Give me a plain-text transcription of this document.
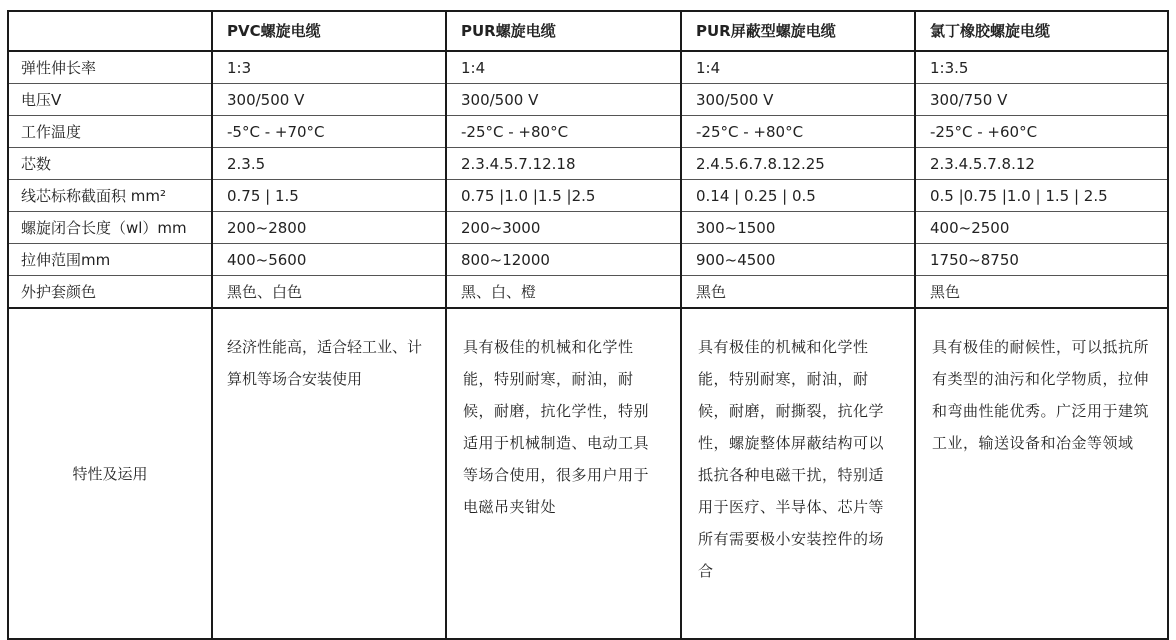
	PVC螺旋电缆	PUR螺旋电缆	PUR屏蔽型螺旋电缆	氯丁橡胶螺旋电缆
弹性伸长率	1:3	1:4	1:4	1:3.5
电压V	300/500 V	300/500 V	300/500 V	300/750 V
工作温度	-5°C - +70°C	-25°C - +80°C	-25°C - +80°C	-25°C - +60°C
芯数	2.3.5	2.3.4.5.7.12.18	2.4.5.6.7.8.12.25	2.3.4.5.7.8.12
线芯标称截面积 mm²	0.75 | 1.5	0.75 |1.0 |1.5 |2.5	0.14 | 0.25 | 0.5	0.5 |0.75 |1.0 | 1.5 | 2.5
螺旋闭合长度（wl）mm	200~2800	200~3000	300~1500	400~2500
拉伸范围mm	400~5600	800~12000	900~4500	1750~8750
外护套颜色	黑色、白色	黑、白、橙	黑色	黑色
特性及运用	经济性能高，适合轻工业、计算机等场合安装使用	具有极佳的机械和化学性能，特别耐寒，耐油，耐候，耐磨，抗化学性，特别适用于机械制造、电动工具等场合使用，很多用户用于电磁吊夹钳处	具有极佳的机械和化学性能，特别耐寒，耐油，耐候，耐磨，耐撕裂，抗化学性，螺旋整体屏蔽结构可以抵抗各种电磁干扰，特别适用于医疗、半导体、芯片等所有需要极小安装控件的场合	具有极佳的耐候性，可以抵抗所有类型的油污和化学物质，拉伸和弯曲性能优秀。广泛用于建筑工业，输送设备和冶金等领域
